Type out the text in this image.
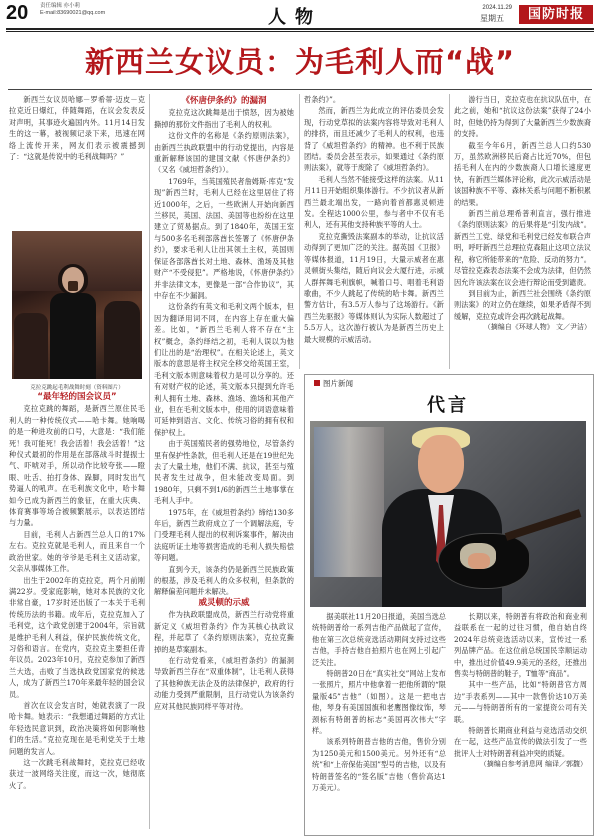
20 责任编辑 亦小莉
E-mail:83690021@qq.com	人物	2024.11.29
星期五	国防时报
新西兰女议员：为毛利人而“战”

新西兰女议员哈娜－罗希蒂·迈皮－克拉克近日爆红，伴随舞蹈，在议会发表反对声明，其事迹火遍国内外。11月14日发生的这一幕，被视频记录下来，迅速在网络上流传开来，网友们表示被震撼到了：“这就是传说中的毛利战舞吗？”

克拉克跳起毛利战舞时刻（资料图片）

“最年轻的国会议员”

克拉克跳的舞蹈，是新西兰原住民毛利人的一种传统仪式——哈卡舞。她响喝的是一种进攻前的口号，大意是：“我们能死！我可能死！我会活着！我会活着！”这种仪式最初的作用是在部落战斗时提振士气、吓唬对手，所以动作比较夸张——瞪眼、吐舌、拍打身体、跺脚，同时发出气势逼人的吼声。在毛利族文化中，哈卡舞如今已成为新西兰的象征，在重大庆典、体育赛事等场合被频繁展示，以表达团结与力量。

目前，毛利人占新西兰总人口的17%左右。克拉克就是毛利人，而且来自一个政治世家。她的爷爷是毛利主义活动家，父亲从事媒体工作。

出生于2002年的克拉克，两个月前刚满22岁。受家庭影响，她对本民族的文化非常自豪，17岁时还出版了一本关于毛利传统历法的书籍。成年后，克拉克加入了毛利党，这个政党创建于2004年，宗旨就是维护毛利人利益，保护民族传统文化，习俗和语言。在党内，克拉克主要担任青年议员。2023年10月，克拉克参加了新西兰大选，击败了当选执政党国家党的候选人，成为了新西兰170年来最年轻的国会议员。

首次在议会发言时，她就表演了一段哈卡舞。她表示：“我想通过舞蹈的方式让年轻选民意识到，政治决策将如何影响他们的生活。”克拉克现在是毛利党关于土地问题的发言人。

这一次跳毛利战舞时，克拉克已经收获过一波网络关注度，而这一次，她彻底火了。

《怀唐伊条约》的漏洞

克拉克这次跳舞是出于愤怒，因为被她撕掉的那份文件指出了毛利人的权利。

这份文件的名称是《条约原则法案》，由新西兰执政联盟中的行动党提出，内容是重新解释该国的建国文献《怀唐伊条约》（又名《威坦哲条约》）。

1769年，当英国殖民者詹姆斯·库克“发现”新西兰时，毛利人已经在这里居住了将近1000年，之后，一些欧洲人开始向新西兰移民，英国、法国、美国等也纷纷在这里建立了贸易据点。到了1840年，英国王室与500多名毛利部落酋长签署了《怀唐伊条约》，要求毛利人让出其领土主权，英国则保证各部落酋长对土地、森林、渔场及其他财产“不受侵犯”。严格地说，《怀唐伊条约》并非法律文本，更像是一部“合作协议”，其中存在不少漏洞。

这份条约有英文和毛利文两个版本，但因为翻译用词不同，在内容上存在重大偏差。比如，“新西兰毛利人将不存在“主权”概念，条约绎结之初，毛利人误以为他们让出的是“治理权”。在相关论述上，英文版本的意思是将主权完全移交给英国王室，毛利文版本则意味着权力是可以分享的。还有对财产权的论述，英文版本只提到允许毛利人拥有土地、森林、渔场、渔场和其他产业，但在毛利文版本中，使用的词语意味着可延伸到语言、文化、传统习俗的拥有权和保护权上。

由于英国殖民者的强势地位，尽管条约里有保护性条款，但毛利人还是在19世纪先去了大量土地，他们不满、抗议，甚至与殖民者发生过战争，但未能改变局面。到1980年，只剩不到1/6的新西兰土地事掌在毛利人手中。

1975年，在《威坦哲条约》缔结130多年后，新西兰政府成立了一个调解法庭，专门受理毛利人提出的权利诉案事件，解决由法庭听证土地等损害造成的毛利人损失赔偿等问题。

直到今天，该条约仍是新西兰民族政策的根基，涉及毛利人的众多权利，但条款的解释偏差问题并未解决。

威灵顿的示威

作为执政联盟成员，新西兰行动党将重新定义《威坦哲条约》作为其核心执政议程，并起草了《条约原则法案》，克拉克撕掉的是草案副本。

在行动党看来，《威坦哲条约》的漏洞导致新西兰存在“双重体制”，让毛利人获得了其他种族无法企及的法律保护，政府的行动能力受到严重限制，且行动党认为该条约应对其他民族同样平等对待。

哲条约》”。

然而，新西兰为此成立的评估委员会发现，行动党草拟的法案内容将导致对毛利人的排挤，而且还减少了毛利人的权利，也违背了《威坦哲条约》的精神。也不利于民族团结。委员会甚至表示，如果通过《条约原则法案》，就等于废除了《威坦哲条约》。

毛利人当然不能接受这样的法案。从11月11日开始组织集体游行。不少抗议者从新西兰最北端出发，一路向着首都惠灵顿进发。全程达1000公里，参与者中不仅有毛利人，还有其他支持种族平等的人士。

克拉克撕毁法案副本的举动，让抗议活动得到了更加广泛的关注。据英国《卫报》等媒体报道，11月19日，大量示威者在惠灵顿街头集结，随后向议会大厦行进，示威人群挥舞毛利旗帜，喊着口号、唱着毛利语歌曲，不少人跳起了传统的哈卡舞。新西兰警方估计，有3.5万人参与了这场游行。《新西兰先驱报》等媒体则认为实际人数超过了5.5万人，这次游行被认为是新西兰历史上最大规模的示威活动。

游行当日，克拉克也在抗议队伍中，在此之前，她和“抗议这份法案”获得了24小时，但她仍持为得到了大量新西兰少数族裔的支持。

截至今年6月，新西兰总人口约530万，虽然欧洲移民后裔占比近70%，但包括毛利人在内的少数族裔人口增长速度更快，有新西兰媒体评论称，此次示威活动是该国种族不平等、森林关系与问题不断积累的结果。

新西兰前总理希普利直言，强行推进《条约原则法案》的后果将是“引发内战”。新西兰工党、绿党和毛利党已经发布联合声明，呼吁新西兰总理拉克森阻止这项立法议程，称它所能带来的“危险、反动的努力”。尽管拉克森表态法案不会成为法律，但仍然因允许该法案在议会进行辩论而受到谴责。

到目前为止，新西兰社会围绕《条约原则法案》的对立仍在继续，如果矛盾得不到缓解，克拉克或许会再次跳起战舞。

（摘编自《环球人物》 文／尹洁）
图片新闻
代言

据美联社11月20日报道，美国当选总统特朗普给一系列吉他产品做起了宣传，他在第三次总统竞选活动期间支持过这些吉他，手持吉他自拍照片也在网上引起广泛关注。

特朗普20日在“真实社交”网站上发布一张照片，照片中他拿着一把他所谓的“限量版45”吉他”（如图）。这是一把电吉他，琴身有美国国旗和老鹰图像纹饰，琴颈标有特朗普的标志“美国再次伟大”字样。

该系列特朗普吉他的吉他，售价分别为1250美元和1500美元。另外还有“总统”和“上帝保佑美国”型号的吉他，以及有特朗普签名的“签名版”吉他（售价高达1万美元）。

长期以来，特朗普有将政治和商业利益联系在一起的过往习惯，他自始自终2024年总统竞选活动以来，宣传过一系列品牌产品。在这位前总统国民幸顺运动中，推出过价值49.9美元的圣经，还推出售卖与特朗普的鞋子，T恤等“商品”。

其中一些产品，比如“特朗普官方周边”手表系列——其中一款售价达10万美元——与特朗普所有的一家提资公司有关联。

特朗普长期商业利益与竞选活动交织在一起，这些产品宣传的做法引发了一些批评人士对特朗普利益冲突的质疑。

（摘编自参考消息网 编译／郭馥）
